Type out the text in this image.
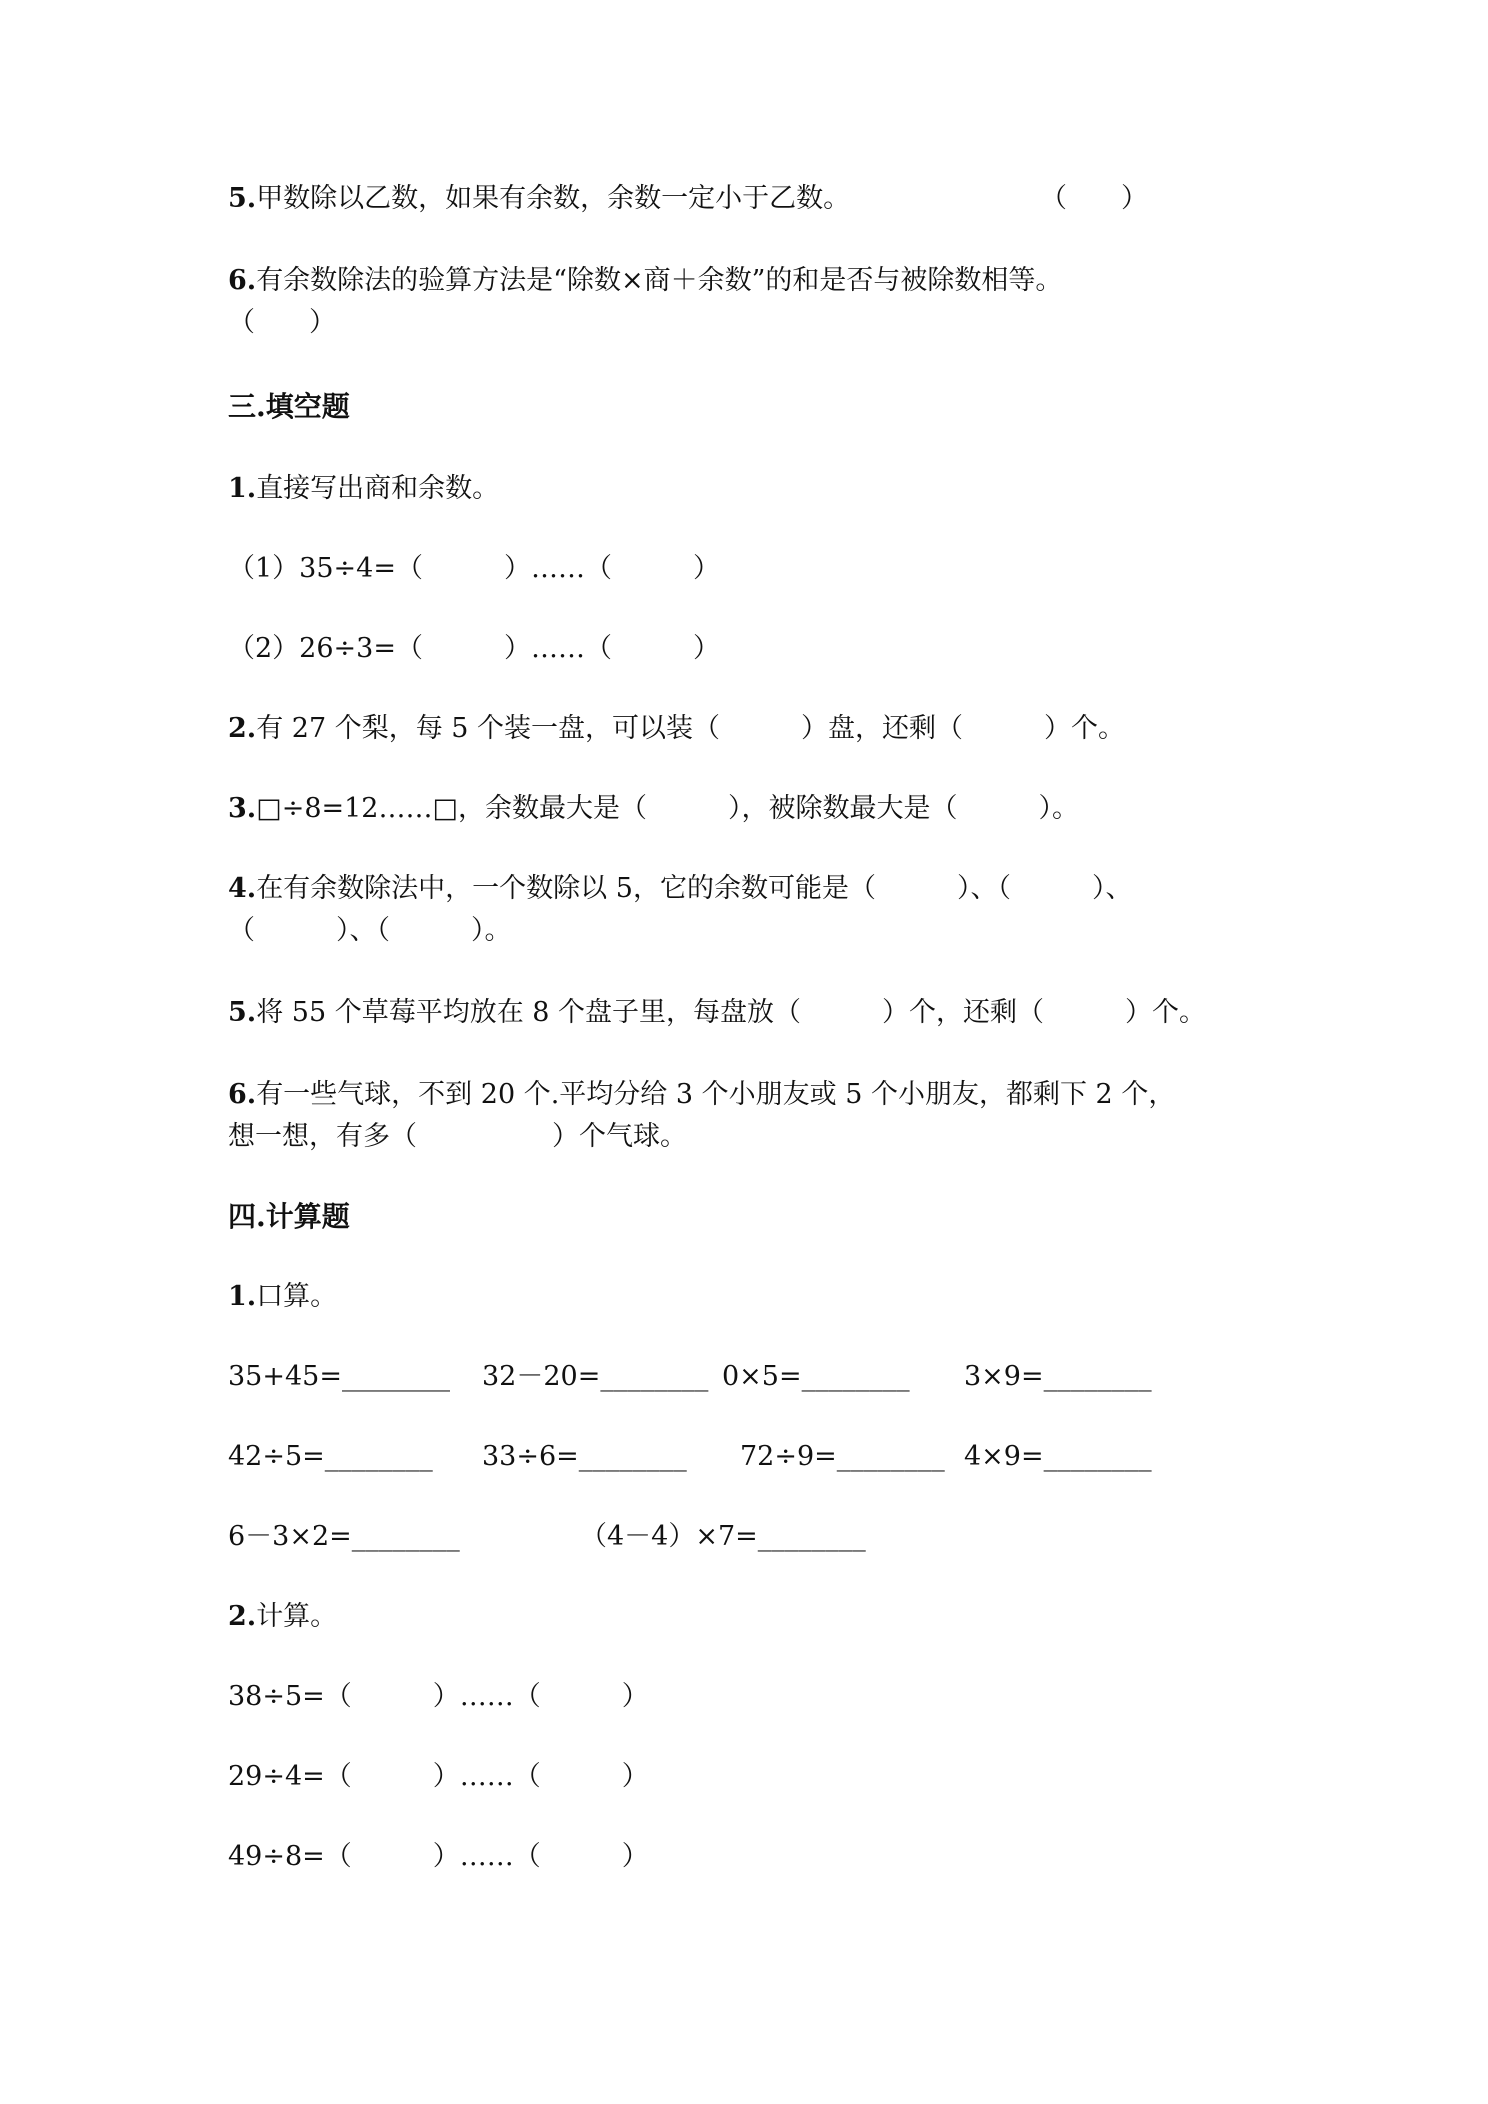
5.甲数除以乙数，如果有余数，余数一定小于乙数。	（　　）

6.有余数除法的验算方法是“除数×商＋余数”的和是否与被除数相等。

（　　）

三.填空题

1.直接写出商和余数。

（1）35÷4=（　　　）……（　　　）

（2）26÷3=（　　　）……（　　　）

2.有 27 个梨，每 5 个装一盘，可以装（　　　）盘，还剩（　　　）个。

3.□÷8=12……□，余数最大是（　　　），被除数最大是（　　　）。

4.在有余数除法中，一个数除以 5，它的余数可能是（　　　）、（　　　）、

（　　　）、（　　　）。

5.将 55 个草莓平均放在 8 个盘子里，每盘放（　　　）个，还剩（　　　）个。

6.有一些气球，不到 20 个.平均分给 3 个小朋友或 5 个小朋友，都剩下 2 个，

想一想，有多（　　　　　）个气球。

四.计算题

1.口算。

35+45=________ 32－20=________ 0×5=________ 3×9=________

42÷5=________ 33÷6=________ 72÷9=________ 4×9=________

6－3×2=________	（4－4）×7=________

2.计算。

38÷5=（　　　）……（　　　）

29÷4=（　　　）……（　　　）

49÷8=（　　　）……（　　　）
